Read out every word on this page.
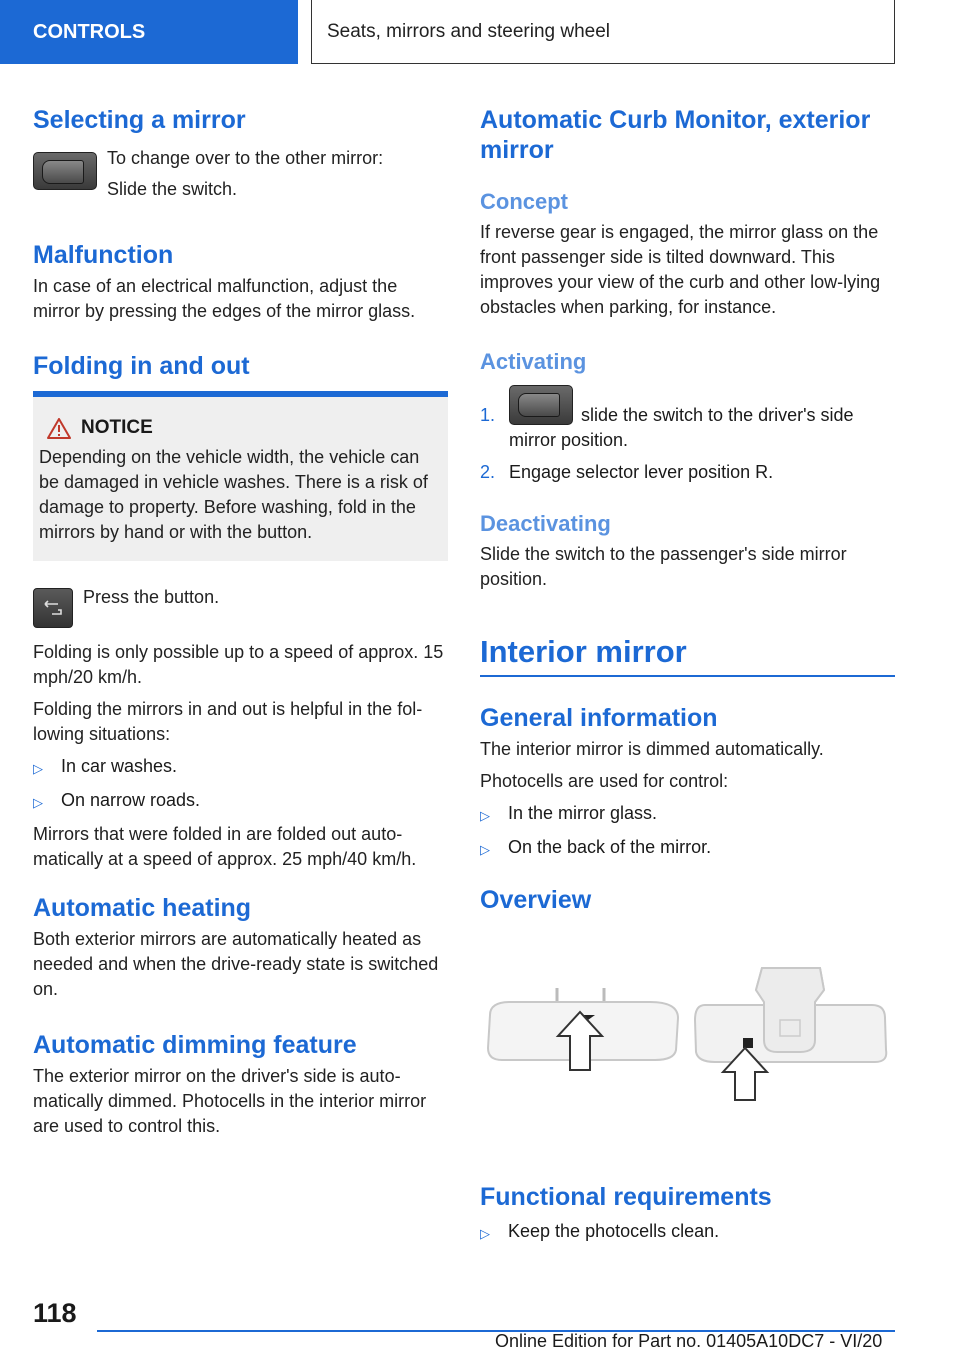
CONTROLS	Seats, mirrors and steering wheel
Selecting a mirror

To change over to the other mirror:

Slide the switch.

Malfunction

In case of an electrical malfunction, adjust the mirror by pressing the edges of the mirror glass.

Folding in and out
NOTICE

Depending on the vehicle width, the vehicle can be damaged in vehicle washes. There is a risk of damage to property. Before washing, fold in the mirrors by hand or with the button.

Press the button.

Folding is only possible up to a speed of approx. 15 mph/20 km/h.

Folding the mirrors in and out is helpful in the following situations:

▷	In car washes.
▷	On narrow roads.

Mirrors that were folded in are folded out automatically at a speed of approx. 25 mph/40 km/h.

Automatic heating

Both exterior mirrors are automatically heated as needed and when the drive-ready state is switched on.

Automatic dimming feature

The exterior mirror on the driver's side is automatically dimmed. Photocells in the interior mirror are used to control this.

Automatic Curb Monitor, exterior mirror
Concept

If reverse gear is engaged, the mirror glass on the front passenger side is tilted downward. This improves your view of the curb and other low-lying obstacles when parking, for instance.

Activating
1.	slide the switch to the driver's side mirror position.
2. Engage selector lever position R.
Deactivating

Slide the switch to the passenger's side mirror position.

Interior mirror
General information

The interior mirror is dimmed automatically.

Photocells are used for control:

▷	In the mirror glass.
▷	On the back of the mirror.
Overview
Functional requirements
▷	Keep the photocells clean.
118
Online Edition for Part no. 01405A10DC7 - VI/20
